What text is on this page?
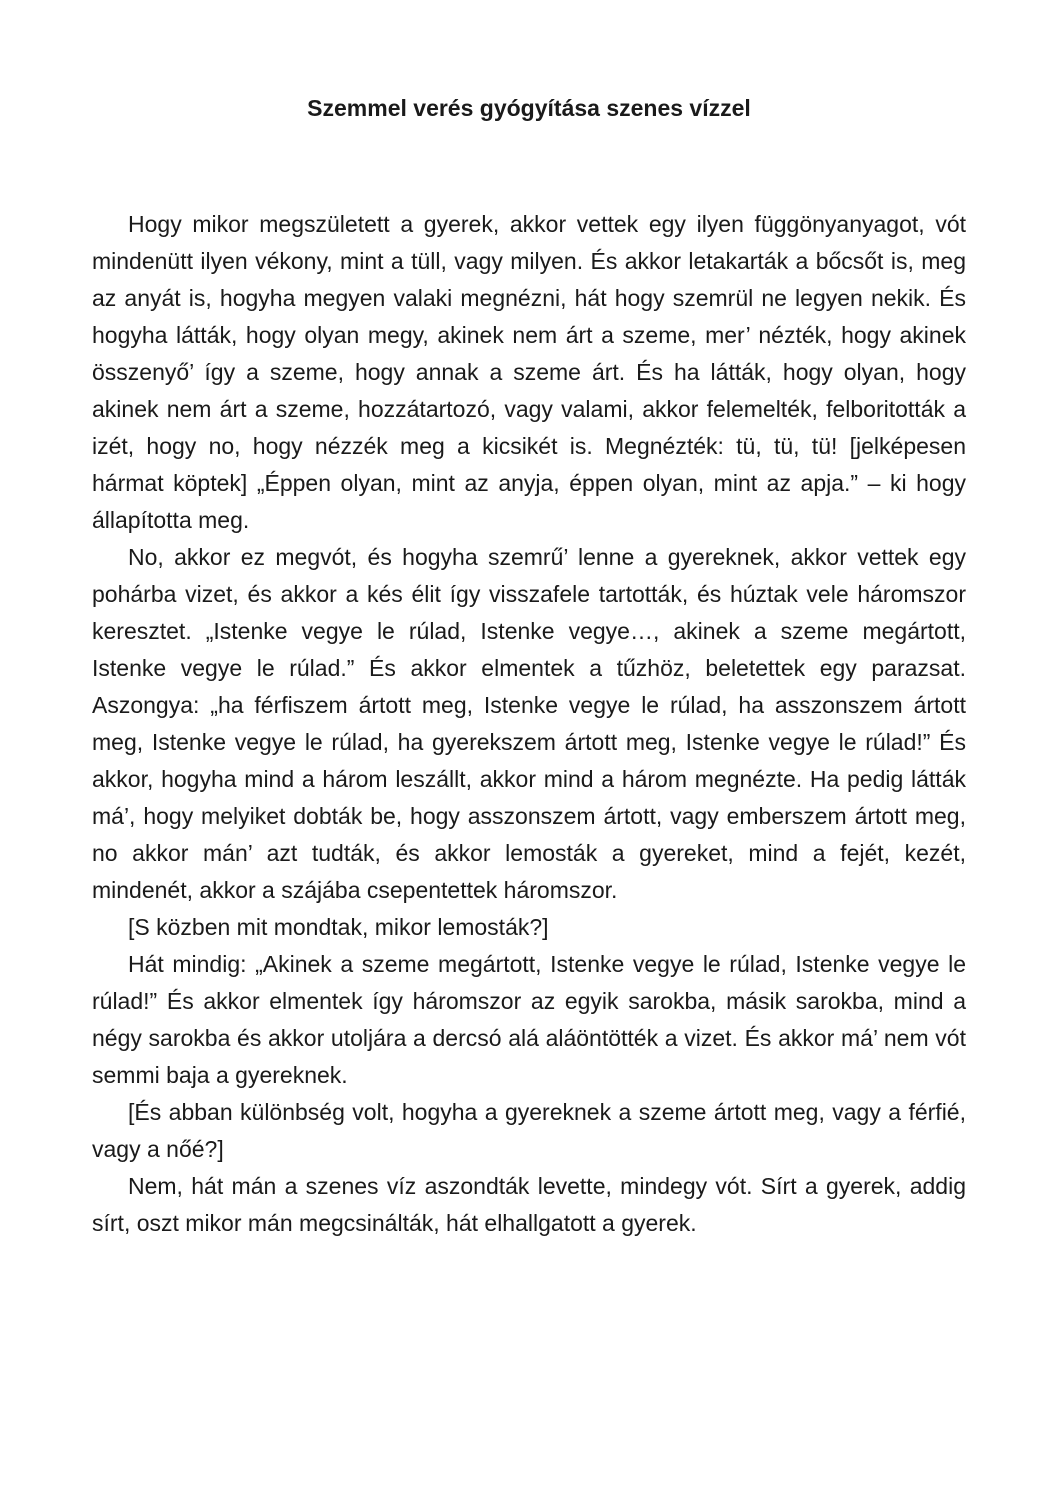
Szemmel verés gyógyítása szenes vízzel

Hogy mikor megszületett a gyerek, akkor vettek egy ilyen függönyanyagot, vót mindenütt ilyen vékony, mint a tüll, vagy milyen. És akkor letakarták a bőcsőt is, meg az anyát is, hogyha megyen valaki megnézni, hát hogy szemrül ne legyen nekik. És hogyha látták, hogy olyan megy, akinek nem árt a szeme, mer’ nézték, hogy akinek összenyő’ így a szeme, hogy annak a szeme árt. És ha látták, hogy olyan, hogy akinek nem árt a szeme, hozzátartozó, vagy valami, akkor felemelték, felboritották a izét, hogy no, hogy nézzék meg a kicsikét is. Megnézték: tü, tü, tü! [jelképesen hármat köptek] „Éppen olyan, mint az anyja, éppen olyan, mint az apja.” – ki hogy állapította meg.

No, akkor ez megvót, és hogyha szemrű’ lenne a gyereknek, akkor vettek egy pohárba vizet, és akkor a kés élit így visszafele tartották, és húztak vele háromszor keresztet. „Istenke vegye le rúlad, Istenke vegye…, akinek a szeme megártott, Istenke vegye le rúlad.” És akkor elmentek a tűzhöz, beletettek egy parazsat. Aszongya: „ha férfiszem ártott meg, Istenke vegye le rúlad, ha asszonszem ártott meg, Istenke vegye le rúlad, ha gyerekszem ártott meg, Istenke vegye le rúlad!” És akkor, hogyha mind a három leszállt, akkor mind a három megnézte. Ha pedig látták má’, hogy melyiket dobták be, hogy asszonszem ártott, vagy emberszem ártott meg, no akkor mán’ azt tudták, és akkor lemosták a gyereket, mind a fejét, kezét, mindenét, akkor a szájába csepentettek háromszor.

[S közben mit mondtak, mikor lemosták?]

Hát mindig: „Akinek a szeme megártott, Istenke vegye le rúlad, Istenke vegye le rúlad!” És akkor elmentek így háromszor az egyik sarokba, másik sarokba, mind a négy sarokba és akkor utoljára a dercsó alá aláöntötték a vizet. És akkor má’ nem vót semmi baja a gyereknek.

[És abban különbség volt, hogyha a gyereknek a szeme ártott meg, vagy a férfié, vagy a nőé?]

Nem, hát mán a szenes víz aszondták levette, mindegy vót. Sírt a gyerek, addig sírt, oszt mikor mán megcsinálták, hát elhallgatott a gyerek.
